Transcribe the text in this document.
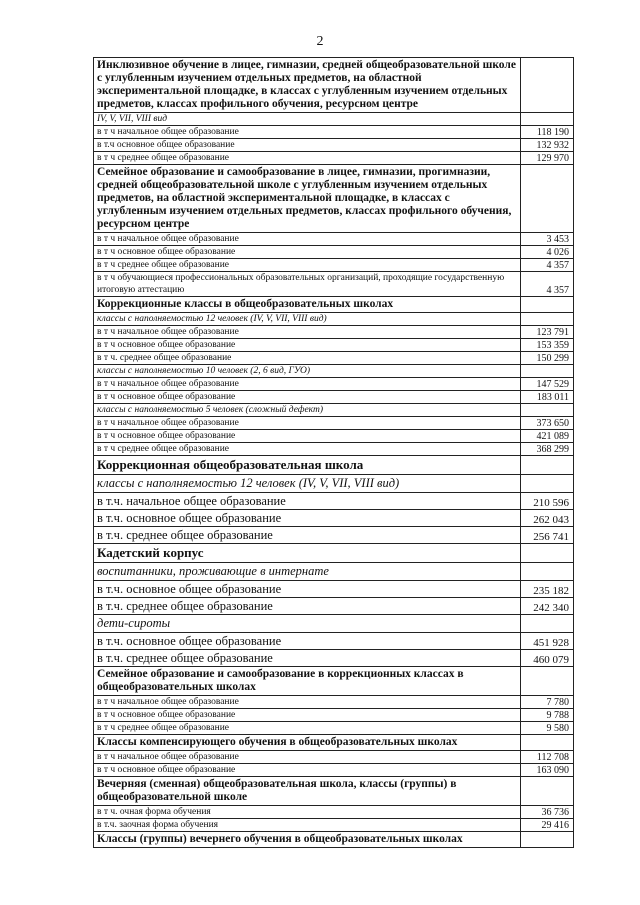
2
Инклюзивное обучение в лицее, гимназии, средней общеобразовательной школе с углубленным изучением отдельных предметов, на областной экспериментальной площадке, в классах с углубленным изучением отдельных предметов, классах профильного обучения, ресурсном центре	
IV, V, VII, VIII вид	
в т ч начальное общее образование	118 190
в т.ч основное общее образование	132 932
в т ч среднее общее образование	129 970
Семейное образование и самообразование в лицее, гимназии, прогимназии, средней общеобразовательной школе с углубленным изучением отдельных предметов, на областной экспериментальной площадке, в классах с углубленным изучением отдельных предметов, классах профильного обучения, ресурсном центре	
в т ч начальное общее образование	3 453
в т ч основное общее образование	4 026
в т ч среднее общее образование	4 357
в т ч обучающиеся профессиональных образовательных организаций, проходящие государственную итоговую аттестацию	4 357
Коррекционные классы в общеобразовательных школах	
классы с наполняемостью 12 человек (IV, V, VII, VIII вид)	
в т ч начальное общее образование	123 791
в т ч основное общее образование	153 359
в т ч. среднее общее образование	150 299
классы с наполняемостью 10 человек (2, 6 вид, ГУО)	
в т ч начальное общее образование	147 529
в т ч основное общее образование	183 011
классы с наполняемостью 5 человек (сложный дефект)	
в т ч начальное общее образование	373 650
в т ч основное общее образование	421 089
в т ч среднее общее образование	368 299
Коррекционная общеобразовательная школа	
классы с наполняемостью 12 человек (IV, V, VII, VIII вид)	
в т.ч. начальное общее образование	210 596
в т.ч. основное общее образование	262 043
в т.ч. среднее общее образование	256 741
Кадетский корпус	
воспитанники, проживающие в интернате	
в т.ч. основное общее образование	235 182
в т.ч. среднее общее образование	242 340
дети-сироты	
в т.ч. основное общее образование	451 928
в т.ч. среднее общее образование	460 079
Семейное образование и самообразование в коррекционных классах в общеобразовательных школах	
в т ч начальное общее образование	7 780
в т ч основное общее образование	9 788
в т ч среднее общее образование	9 580
Классы компенсирующего обучения в общеобразовательных школах	
в т ч начальное общее образование	112 708
в т ч основное общее образование	163 090
Вечерняя (сменная) общеобразовательная школа, классы (группы) в общеобразовательной школе	
в т ч. очная форма обучения	36 736
в т.ч. заочная форма обучения	29 416
Классы (группы) вечернего обучения в общеобразовательных школах	
